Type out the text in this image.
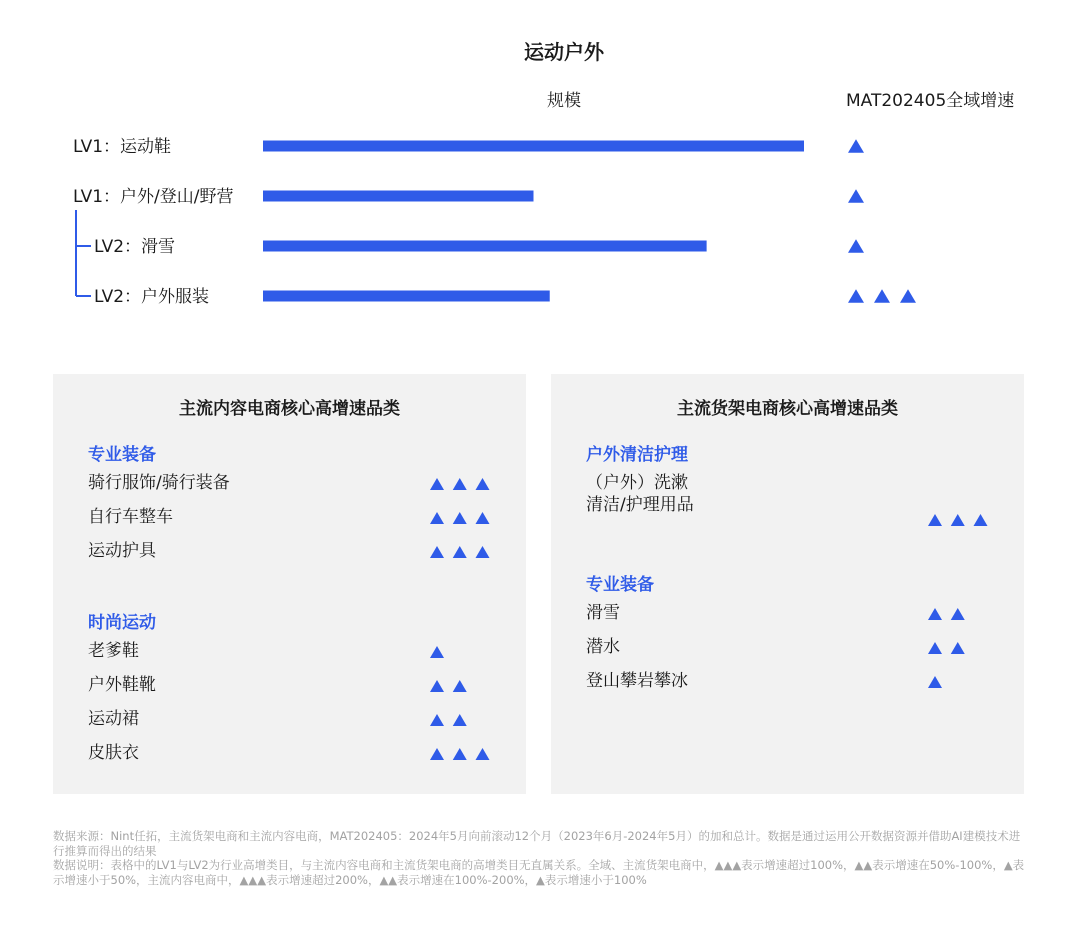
运动户外
规模	MAT202405全域增速
LV1：运动鞋
LV1：户外/登山/野营
LV2：滑雪
LV2：户外服装
主流内容电商核心高增速品类
专业装备
骑行服饰/骑行装备
自行车整车
运动护具
时尚运动
老爹鞋
户外鞋靴
运动裙
皮肤衣
主流货架电商核心高增速品类
户外清洁护理
（户外）洗漱
清洁/护理用品
专业装备
滑雪
潜水
登山攀岩攀冰

数据来源：Nint任拓，主流货架电商和主流内容电商，MAT202405：2024年5月向前滚动12个月（2023年6月-2024年5月）的加和总计。数据是通过运用公开数据资源并借助AI建模技术进行推算而得出的结果

数据说明：表格中的LV1与LV2为行业高增类目，与主流内容电商和主流货架电商的高增类目无直属关系。全域、主流货架电商中，▲▲▲表示增速超过100%，▲▲表示增速在50%-100%，▲表示增速小于50%，主流内容电商中，▲▲▲表示增速超过200%，▲▲表示增速在100%-200%，▲表示增速小于100%
